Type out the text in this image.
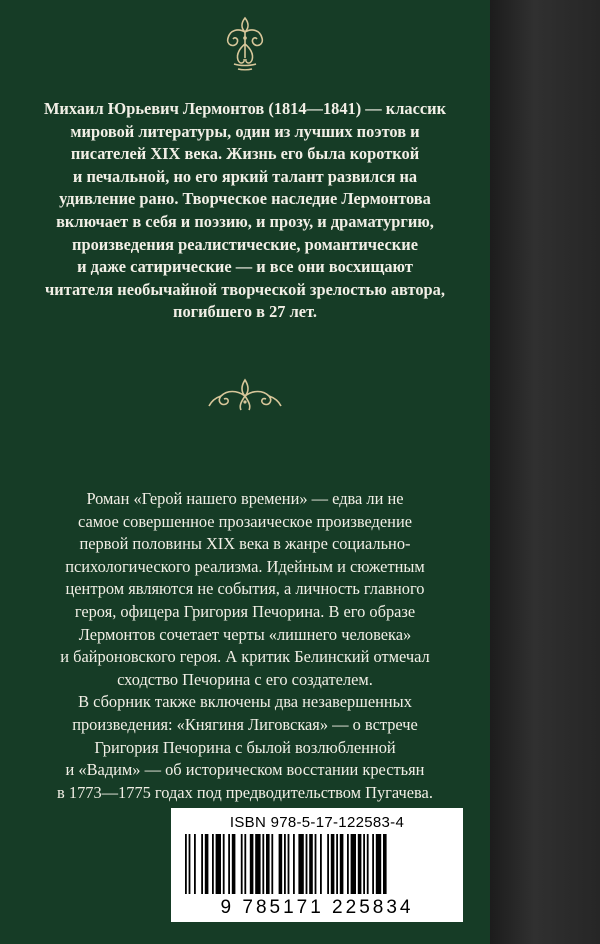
Михаил Юрьевич Лермонтов (1814—1841) — классик
мировой литературы, один из лучших поэтов и
писателей XIX века. Жизнь его была короткой
и печальной, но его яркий талант развился на
удивление рано. Творческое наследие Лермонтова
включает в себя и поэзию, и прозу, и драматургию,
произведения реалистические, романтические
и даже сатирические — и все они восхищают
читателя необычайной творческой зрелостью автора,
погибшего в 27 лет.
Роман «Герой нашего времени» — едва ли не
самое совершенное прозаическое произведение
первой половины XIX века в жанре социально-
психологического реализма. Идейным и сюжетным
центром являются не события, а личность главного
героя, офицера Григория Печорина. В его образе
Лермонтов сочетает черты «лишнего человека»
и байроновского героя. А критик Белинский отмечал
сходство Печорина с его создателем.
В сборник также включены два незавершенных
произведения: «Княгиня Лиговская» — о встрече
Григория Печорина с былой возлюбленной
и «Вадим» — об историческом восстании крестьян
в 1773—1775 годах под предводительством Пугачева.
ISBN 978-5-17-122583-4
9 785171 225834
